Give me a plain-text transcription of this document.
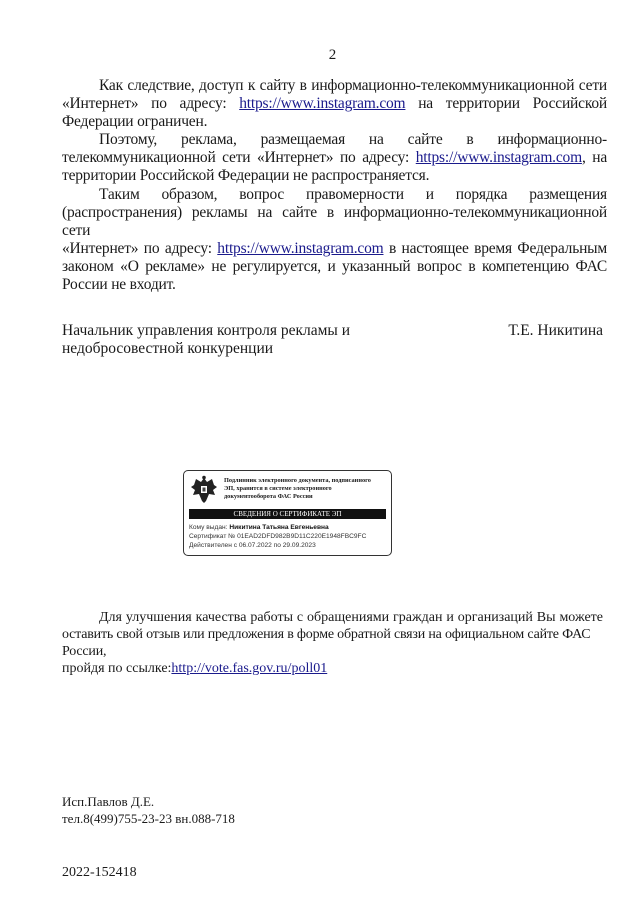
2
Как следствие, доступ к сайту в информационно-телекоммуникационной сети
«Интернет» по адресу: https://www.instagram.com на территории Российской
Федерации ограничен.
Поэтому, реклама, размещаемая на сайте в информационно-
телекоммуникационной сети «Интернет» по адресу: https://www.instagram.com, на
территории Российской Федерации не распространяется.
Таким образом, вопрос правомерности и порядка размещения
(распространения) рекламы на сайте в информационно-телекоммуникационной сети
«Интернет» по адресу: https://www.instagram.com в настоящее время Федеральным
законом «О рекламе» не регулируется, и указанный вопрос в компетенцию ФАС
России не входит.
Начальник управления контроля рекламы и
недобросовестной конкуренции
Т.Е. Никитина
Подлинник электронного документа, подписанного
ЭП, хранится в системе электронного
документооборота ФАС России
СВЕДЕНИЯ О СЕРТИФИКАТЕ ЭП
Кому выдан: Никитина Татьяна Евгеньевна
Сертификат № 01EAD2DFD982B9D11C220E1948FBC9FC
Действителен с 06.07.2022 по 29.09.2023
Для улучшения качества работы с обращениями граждан и организаций Вы можете
оставить свой отзыв или предложения в форме обратной связи на официальном сайте ФАС России,
пройдя по ссылке:http://vote.fas.gov.ru/poll01
Исп.Павлов Д.Е.
тел.8(499)755-23-23 вн.088-718
2022-152418
